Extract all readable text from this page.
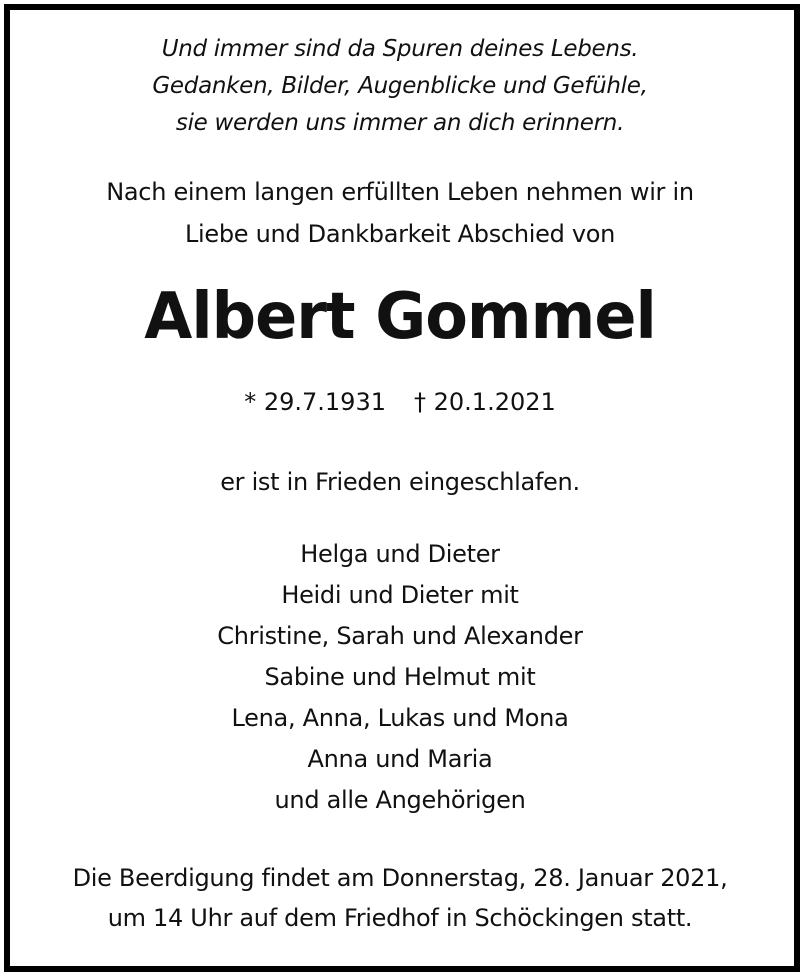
Und immer sind da Spuren deines Lebens.
Gedanken, Bilder, Augenblicke und Gefühle,
sie werden uns immer an dich erinnern.
Nach einem langen erfüllten Leben nehmen wir in
Liebe und Dankbarkeit Abschied von
Albert Gommel
* 29.7.1931 † 20.1.2021
er ist in Frieden eingeschlafen.
Helga und Dieter
Heidi und Dieter mit
Christine, Sarah und Alexander
Sabine und Helmut mit
Lena, Anna, Lukas und Mona
Anna und Maria
und alle Angehörigen
Die Beerdigung findet am Donnerstag, 28. Januar 2021,
um 14 Uhr auf dem Friedhof in Schöckingen statt.
